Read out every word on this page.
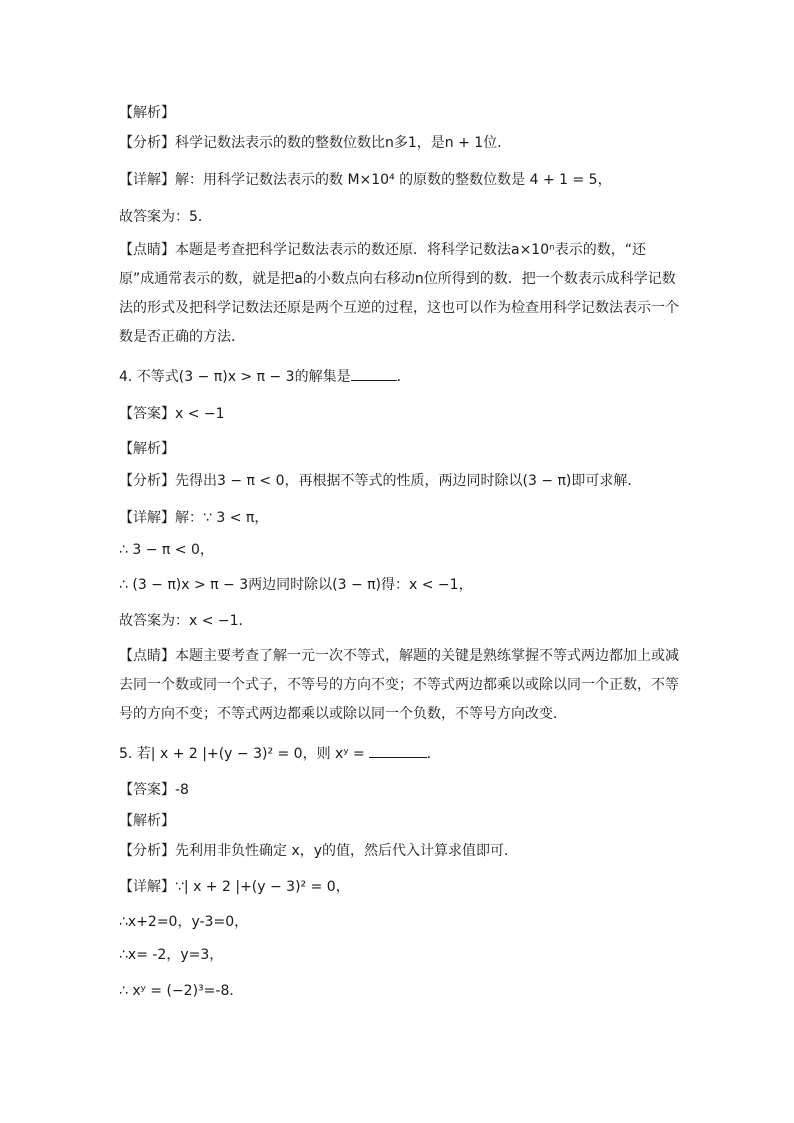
【解析】
【分析】科学记数法表示的数的整数位数比n多1，是n + 1位．
【详解】解：用科学记数法表示的数 M×10⁴ 的原数的整数位数是 4 + 1 = 5，
故答案为：5．
【点睛】本题是考查把科学记数法表示的数还原．将科学记数法a×10ⁿ表示的数，“还原”成通常表示的数，就是把a的小数点向右移动n位所得到的数．把一个数表示成科学记数法的形式及把科学记数法还原是两个互逆的过程，这也可以作为检查用科学记数法表示一个数是否正确的方法．
4. 不等式(3 − π)x > π − 3的解集是	．
【答案】x < −1
【解析】
【分析】先得出3 − π < 0，再根据不等式的性质，两边同时除以(3 − π)即可求解．
【详解】解：∵ 3 < π，
∴ 3 − π < 0，
∴ (3 − π)x > π − 3两边同时除以(3 − π)得：x < −1，
故答案为：x < −1．
【点睛】本题主要考查了解一元一次不等式，解题的关键是熟练掌握不等式两边都加上或减去同一个数或同一个式子，不等号的方向不变；不等式两边都乘以或除以同一个正数，不等号的方向不变；不等式两边都乘以或除以同一个负数，不等号方向改变．
5. 若| x + 2 |+(y − 3)² = 0，则 xʸ =	．
【答案】-8
【解析】
【分析】先利用非负性确定 x，y的值，然后代入计算求值即可．
【详解】∵| x + 2 |+(y − 3)² = 0，
∴x+2=0，y-3=0，
∴x= -2，y=3，
∴ xʸ = (−2)³=-8．
